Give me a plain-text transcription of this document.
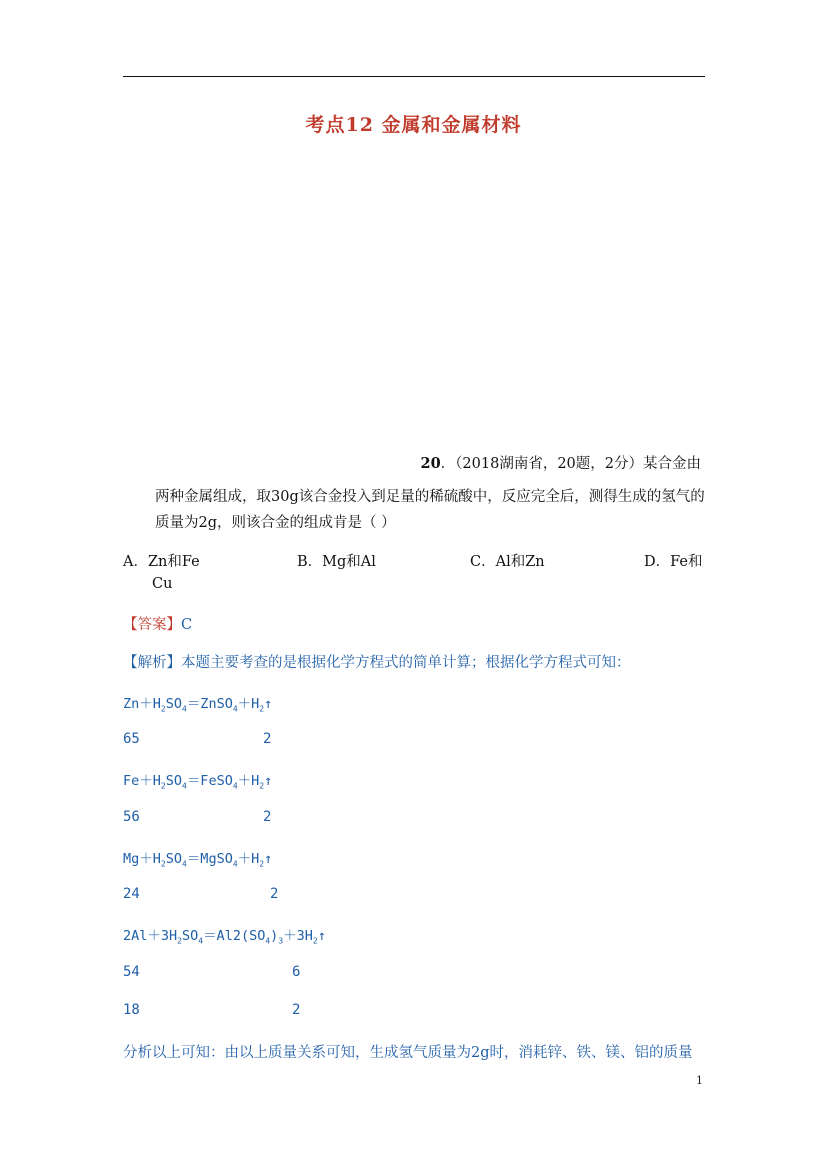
考点12 金属和金属材料
20．（2018湖南省，20题，2分）某合金由
两种金属组成，取30g该合金投入到足量的稀硫酸中，反应完全后，测得生成的氢气的
质量为2g，则该合金的组成肯是（ ）
A．Zn和Fe	B．Mg和Al	C．Al和Zn	D．Fe和
Cu
【答案】C
【解析】本题主要考查的是根据化学方程式的简单计算；根据化学方程式可知：
$Zn+H_2SO_4=ZnSO_4+H_2↑$
65	2
$Fe+H_2SO_4=FeSO_4+H_2↑$
56	2
$Mg+H_2SO_4=MgSO_4+H_2↑$
24	2
$2Al+3H_2SO_4=Al2(SO_4)_3+3H_2↑$
54	6
18	2
分析以上可知：由以上质量关系可知，生成氢气质量为2g时，消耗锌、铁、镁、铝的质量
1
